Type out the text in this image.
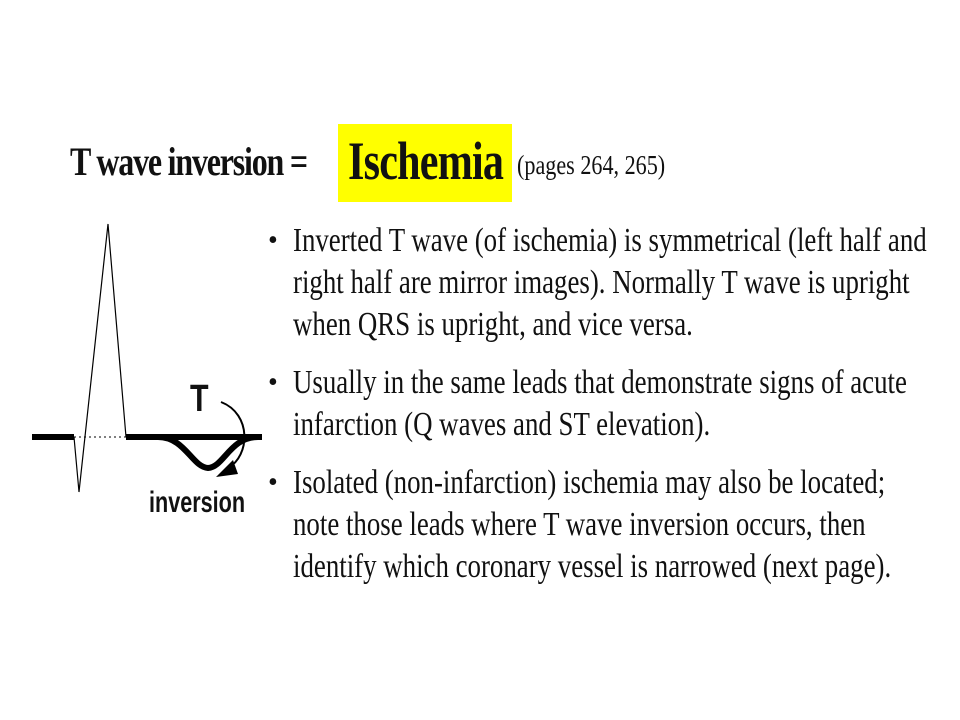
T wave inversion = Ischemia (pages 264, 265)
T
inversion
• Inverted T wave (of ischemia) is symmetrical (left half and right half are mirror images). Normally T wave is upright when QRS is upright, and vice versa.
• Usually in the same leads that demonstrate signs of acute infarction (Q waves and ST elevation).
• Isolated (non-infarction) ischemia may also be located; note those leads where T wave inversion occurs, then identify which coronary vessel is narrowed (next page).
